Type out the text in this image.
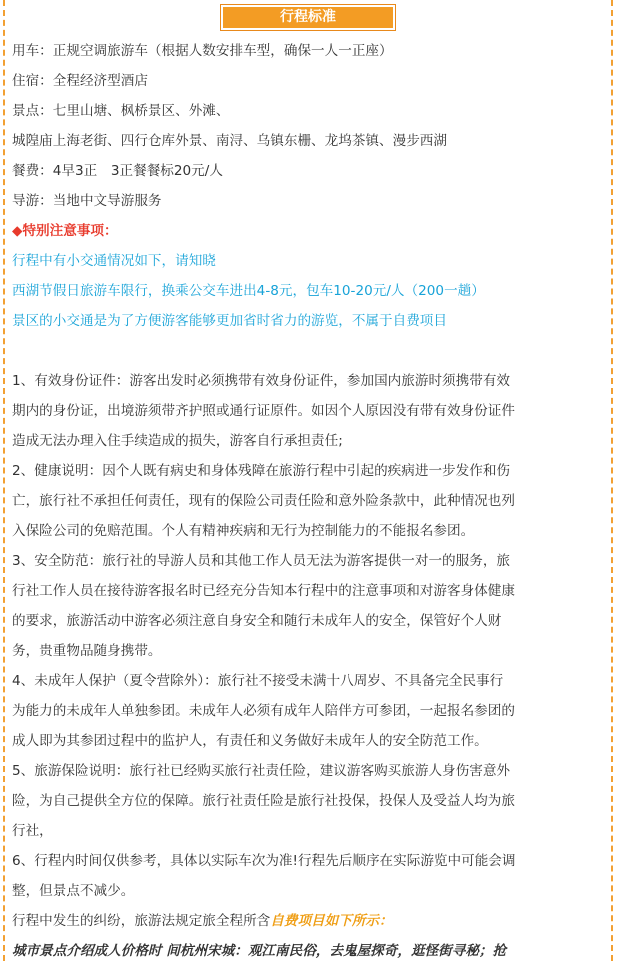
行程标准
用车：正规空调旅游车（根据人数安排车型，确保一人一正座）
住宿：全程经济型酒店
景点：七里山塘、枫桥景区、外滩、
城隍庙上海老街、四行仓库外景、南浔、乌镇东栅、龙坞茶镇、漫步西湖
餐费：4早3正　3正餐餐标20元/人
导游：当地中文导游服务
◆特别注意事项：
行程中有小交通情况如下，请知晓
西湖节假日旅游车限行，换乘公交车进出4-8元，包车10-20元/人（200一趟）
景区的小交通是为了方便游客能够更加省时省力的游览，不属于自费项目
1、有效身份证件：游客出发时必须携带有效身份证件，参加国内旅游时须携带有效
期内的身份证，出境游须带齐护照或通行证原件。如因个人原因没有带有效身份证件
造成无法办理入住手续造成的损失，游客自行承担责任;
2、健康说明：因个人既有病史和身体残障在旅游行程中引起的疾病进一步发作和伤
亡，旅行社不承担任何责任，现有的保险公司责任险和意外险条款中，此种情况也列
入保险公司的免赔范围。个人有精神疾病和无行为控制能力的不能报名参团。
3、安全防范：旅行社的导游人员和其他工作人员无法为游客提供一对一的服务，旅
行社工作人员在接待游客报名时已经充分告知本行程中的注意事项和对游客身体健康
的要求，旅游活动中游客必须注意自身安全和随行未成年人的安全，保管好个人财
务，贵重物品随身携带。
4、未成年人保护（夏令营除外）：旅行社不接受未满十八周岁、不具备完全民事行
为能力的未成年人单独参团。未成年人必须有成年人陪伴方可参团，一起报名参团的
成人即为其参团过程中的监护人，有责任和义务做好未成年人的安全防范工作。
5、旅游保险说明：旅行社已经购买旅行社责任险，建议游客购买旅游人身伤害意外
险，为自己提供全方位的保障。旅行社责任险是旅行社投保，投保人及受益人均为旅
行社，
6、行程内时间仅供参考，具体以实际车次为准!行程先后顺序在实际游览中可能会调
整，但景点不减少。
行程中发生的纠纷，旅游法规定旅全程所含自费项目如下所示：
城市景点介绍成人价格时 间杭州宋城：观江南民俗，去鬼屋探奇，逛怪街寻秘；抢
